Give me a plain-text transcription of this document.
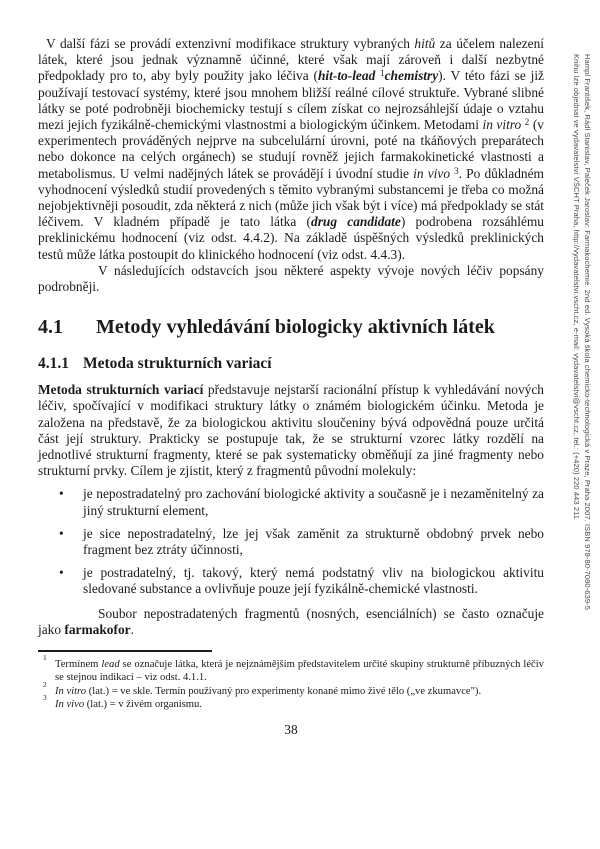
Hampl František, Rádl Stanislav, Paleček Jaroslav: Farmakochemie. 2nd ed. Vysoká škola chemicko-technologická v Praze, Praha 2007. ISBN 978-80-7080-639-5
Knihu lze objednat ve vydavatelství VŠCHT Praha, http://vydavatelstvi.vscht.cz, e-mail: vydavatelstvi@vscht.cz, tel.: (+420) 220 443 211

V další fázi se provádí extenzivní modifikace struktury vybraných hitů za účelem nalezení látek, které jsou jednak významně účinné, které však mají zároveň i další nezbytné předpoklady pro to, aby byly použity jako léčiva (hit-to-lead $^1$chemistry). V této fázi se již používají testovací systémy, které jsou mnohem bližší reálné cílové struktuře. Vybrané slibné látky se poté podrobněji biochemicky testují s cílem získat co nejrozsáhlejší údaje o vztahu mezi jejich fyzikálně-chemickými vlastnostmi a biologickým účinkem. Metodami in vitro $^2$ (v experimentech prováděných nejprve na subcelulární úrovni, poté na tkáňových preparátech nebo dokonce na celých orgánech) se studují rovněž jejich farmakokinetické vlastnosti a metabolismus. U velmi nadějných látek se provádějí i úvodní studie in vivo $^3$. Po důkladném vyhodnocení výsledků studií provedených s těmito vybranými substancemi je třeba co možná nejobjektivněji posoudit, zda některá z nich (může jich však být i více) má předpoklady se stát léčivem. V kladném případě je tato látka (drug candidate) podrobena rozsáhlému preklinickému hodnocení (viz odst. 4.4.2). Na základě úspěšných výsledků preklinických testů může látka postoupit do klinického hodnocení (viz odst. 4.4.3).

V následujících odstavcích jsou některé aspekty vývoje nových léčiv popsány podrobněji.

4.1 Metody vyhledávání biologicky aktivních látek
4.1.1 Metoda strukturních variací

Metoda strukturních variací představuje nejstarší racionální přístup k vyhledávání nových léčiv, spočívající v modifikaci struktury látky o známém biologickém účinku. Metoda je založena na představě, že za biologickou aktivitu sloučeniny bývá odpovědná pouze určitá část její struktury. Prakticky se postupuje tak, že se strukturní vzorec látky rozdělí na jednotlivé strukturní fragmenty, které se pak systematicky obměňují za jiné fragmenty nebo strukturní prvky. Cílem je zjistit, který z fragmentů původní molekuly:

• je nepostradatelný pro zachování biologické aktivity a současně je i nezaměnitelný za jiný strukturní element,
• je sice nepostradatelný, lze jej však zaměnit za strukturně obdobný prvek nebo fragment bez ztráty účinnosti,
• je postradatelný, tj. takový, který nemá podstatný vliv na biologickou aktivitu sledované substance a ovlivňuje pouze její fyzikálně-chemické vlastnosti.

Soubor nepostradatených fragmentů (nosných, esenciálních) se často označuje jako farmakofor.

1
Termínem lead se označuje látka, která je nejznámějším představitelem určité skupiny strukturně příbuzných léčiv se stejnou indikací – viz odst. 4.1.1.
2
In vitro (lat.) = ve skle. Termín používaný pro experimenty konané mimo živé tělo („ve zkumavce").
3
In vivo (lat.) = v živém organismu.
38
